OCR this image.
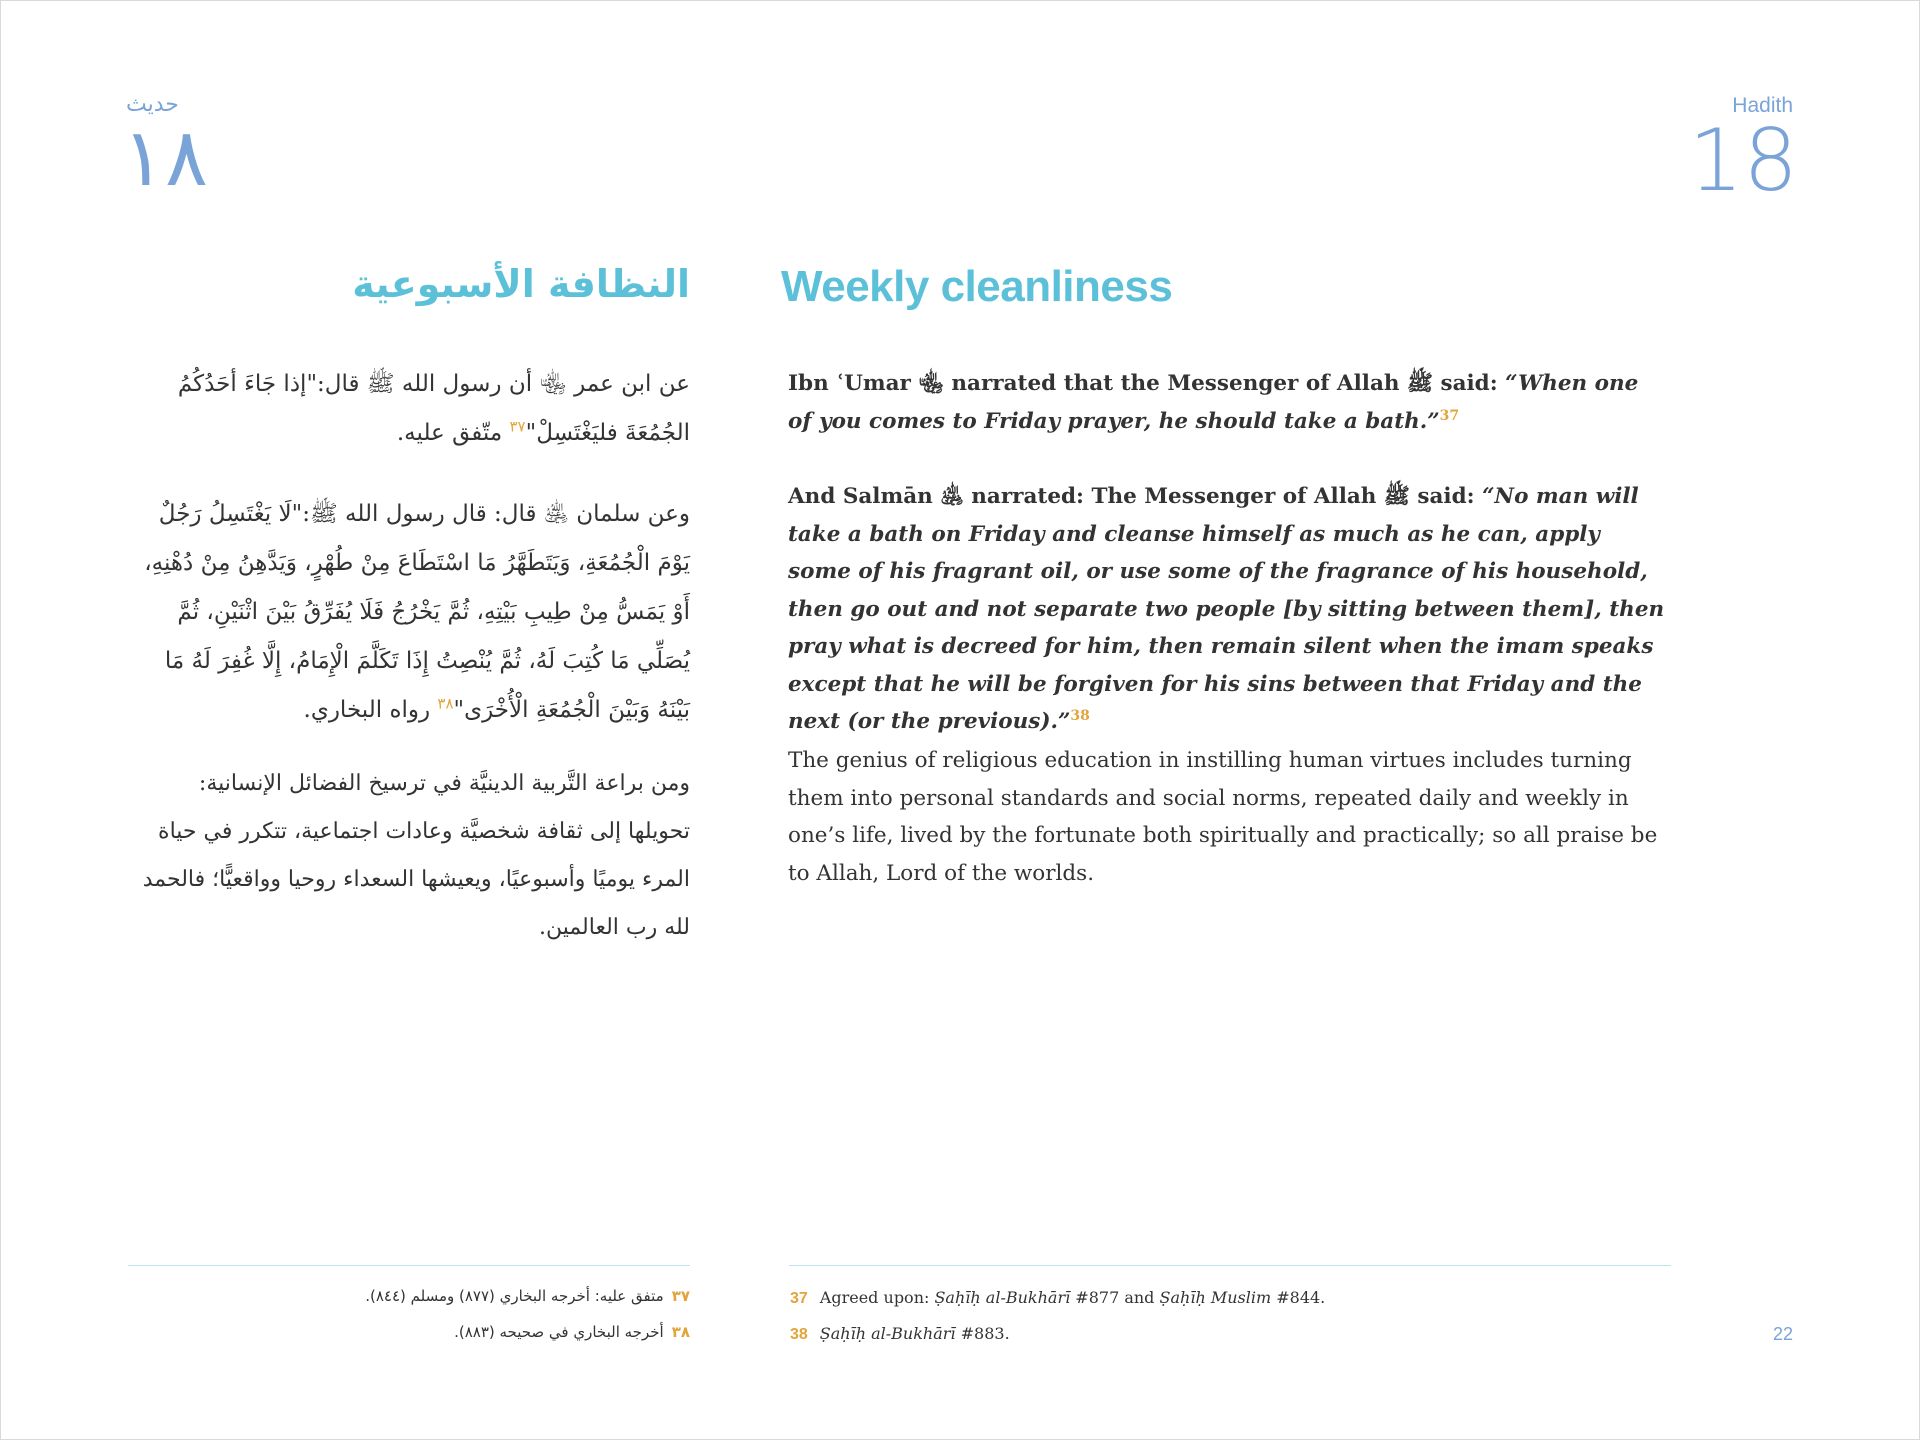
حديث
١٨
Hadith
18
النظافة الأسبوعية Weekly cleanliness
عن ابن عمر ﵄ أن رسول الله ﷺ قال:"إذا جَاءَ أحَدُكُمُ الجُمُعَةَ فليَغْتَسِلْ"$^{٣٧}$ متّفق عليه.
وعن سلمان ﵁ قال: قال رسول الله ﷺ:"لَا يَغْتَسِلُ رَجُلٌ يَوْمَ الْجُمُعَةِ، وَيَتَطَهَّرُ مَا اسْتَطَاعَ مِنْ طُهْرٍ، وَيَدَّهِنُ مِنْ دُهْنِهِ، أَوْ يَمَسُّ مِنْ طِيبِ بَيْتِهِ، ثُمَّ يَخْرُجُ فَلَا يُفَرِّقُ بَيْنَ اثْنَيْنِ، ثُمَّ يُصَلِّي مَا كُتِبَ لَهُ، ثُمَّ يُنْصِتُ إِذَا تَكَلَّمَ الْإِمَامُ، إِلَّا غُفِرَ لَهُ مَا بَيْنَهُ وَبَيْنَ الْجُمُعَةِ الْأُخْرَى"$^{٣٨}$ رواه البخاري.
ومن براعة التَّربية الدينيَّة في ترسيخ الفضائل الإنسانية: تحويلها إلى ثقافة شخصيَّة وعادات اجتماعية، تتكرر في حياة المرء يوميًا وأسبوعيًا، ويعيشها السعداء روحيا وواقعيًّا؛ فالحمد لله رب العالمين.
Ibn ʿUmar ﵄ narrated that the Messenger of Allah ﷺ said: “When one of you comes to Friday prayer, he should take a bath.”$^{37}$
And Salmān ﵁ narrated: The Messenger of Allah ﷺ said: “No man will take a bath on Friday and cleanse himself as much as he can, apply some of his fragrant oil, or use some of the fragrance of his household, then go out and not separate two people [by sitting between them], then pray what is decreed for him, then remain silent when the imam speaks except that he will be forgiven for his sins between that Friday and the next (or the previous).”$^{38}$
The genius of religious education in instilling human virtues includes turning them into personal standards and social norms, repeated daily and weekly in one’s life, lived by the fortunate both spiritually and practically; so all praise be to Allah, Lord of the worlds.
٣٧متفق عليه: أخرجه البخاري (٨٧٧) ومسلم (٨٤٤).
٣٨أخرجه البخاري في صحيحه (٨٨٣).
37 Agreed upon: Ṣaḥīḥ al-Bukhārī #877 and Ṣaḥīḥ Muslim #844.
38 Ṣaḥīḥ al-Bukhārī #883.	22
